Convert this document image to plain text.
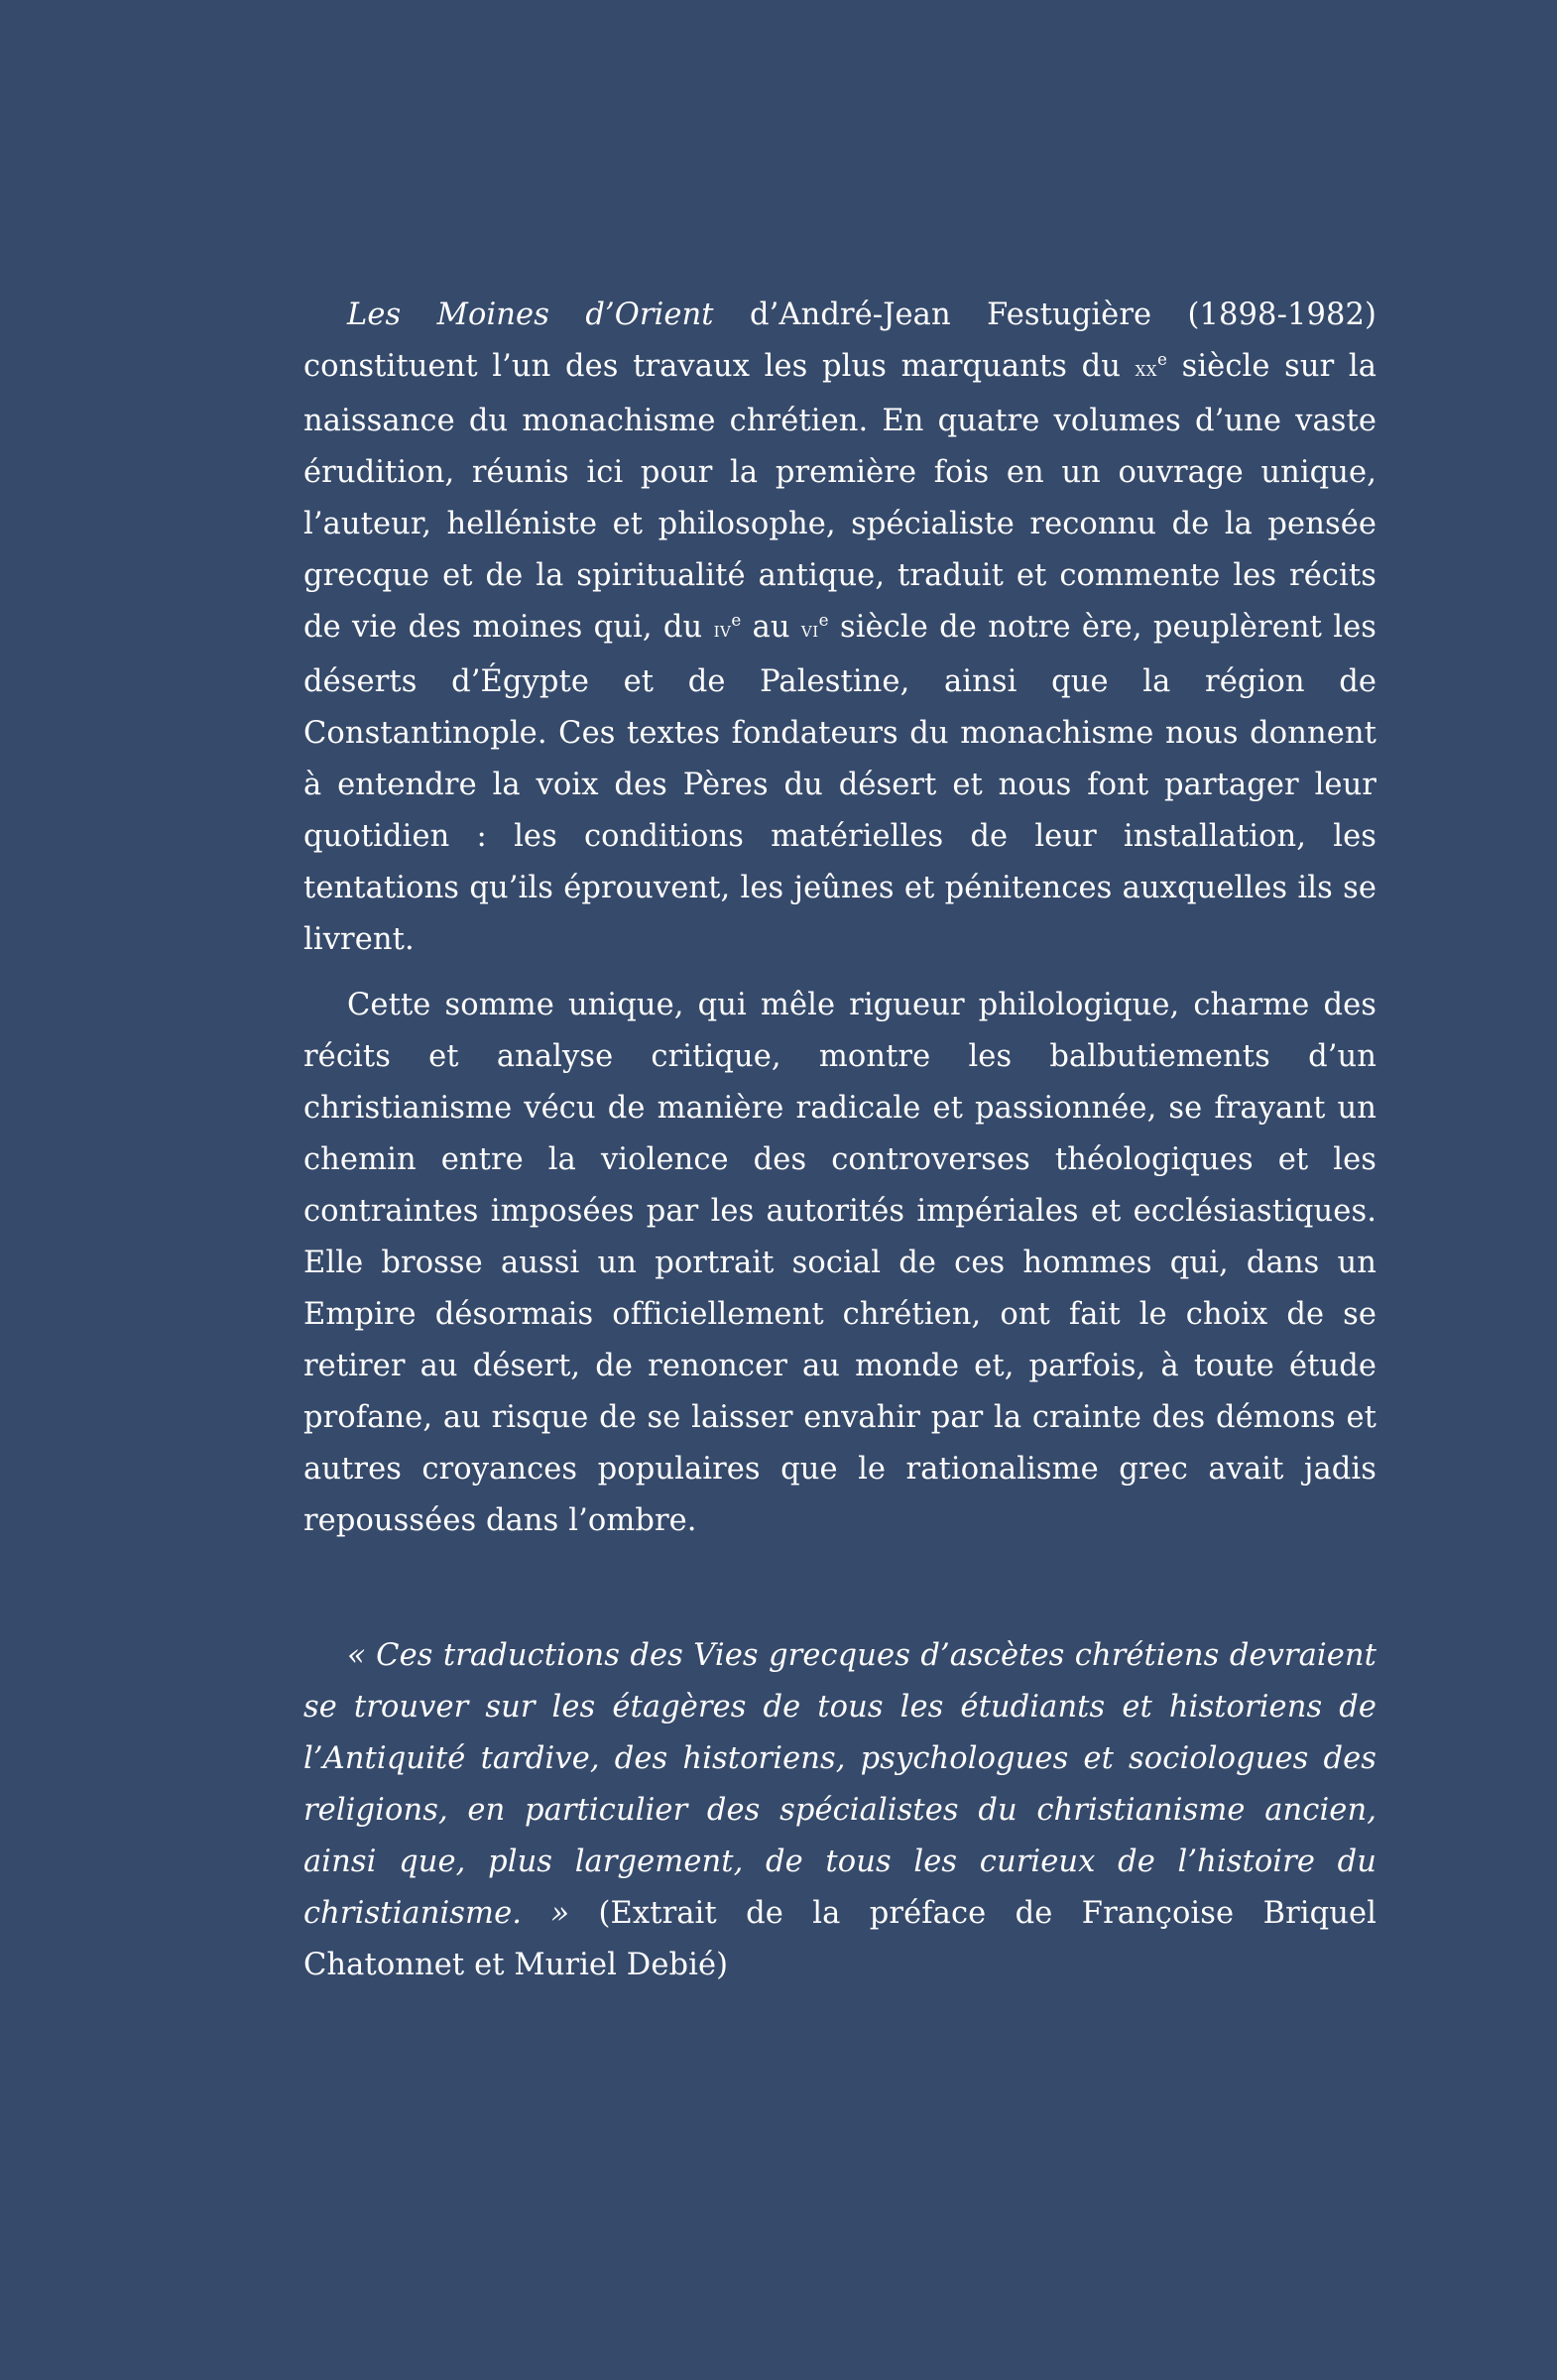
Les Moines d’Orient d’André-Jean Festugière (1898-1982) constituent l’un des travaux les plus marquants du $xx^e$ siècle sur la naissance du monachisme chrétien. En quatre volumes d’une vaste érudition, réunis ici pour la première fois en un ouvrage unique, l’auteur, helléniste et philosophe, spécialiste reconnu de la pensée grecque et de la spiritualité antique, traduit et commente les récits de vie des moines qui, du $iv^e$ au $vi^e$ siècle de notre ère, peuplèrent les déserts d’Égypte et de Palestine, ainsi que la région de Constantinople. Ces textes fondateurs du monachisme nous donnent à entendre la voix des Pères du désert et nous font partager leur quotidien : les conditions matérielles de leur installation, les tentations qu’ils éprouvent, les jeûnes et pénitences auxquelles ils se livrent.

Cette somme unique, qui mêle rigueur philologique, charme des récits et analyse critique, montre les balbutiements d’un christianisme vécu de manière radicale et passionnée, se frayant un chemin entre la violence des controverses théologiques et les contraintes imposées par les autorités impériales et ecclésiastiques. Elle brosse aussi un portrait social de ces hommes qui, dans un Empire désormais officiellement chrétien, ont fait le choix de se retirer au désert, de renoncer au monde et, parfois, à toute étude profane, au risque de se laisser envahir par la crainte des démons et autres croyances populaires que le rationalisme grec avait jadis repoussées dans l’ombre.

« Ces traductions des Vies grecques d’ascètes chrétiens devraient se trouver sur les étagères de tous les étudiants et historiens de l’Antiquité tardive, des historiens, psychologues et sociologues des religions, en particulier des spécialistes du christianisme ancien, ainsi que, plus largement, de tous les curieux de l’histoire du christianisme. » (Extrait de la préface de Françoise Briquel Chatonnet et Muriel Debié)
